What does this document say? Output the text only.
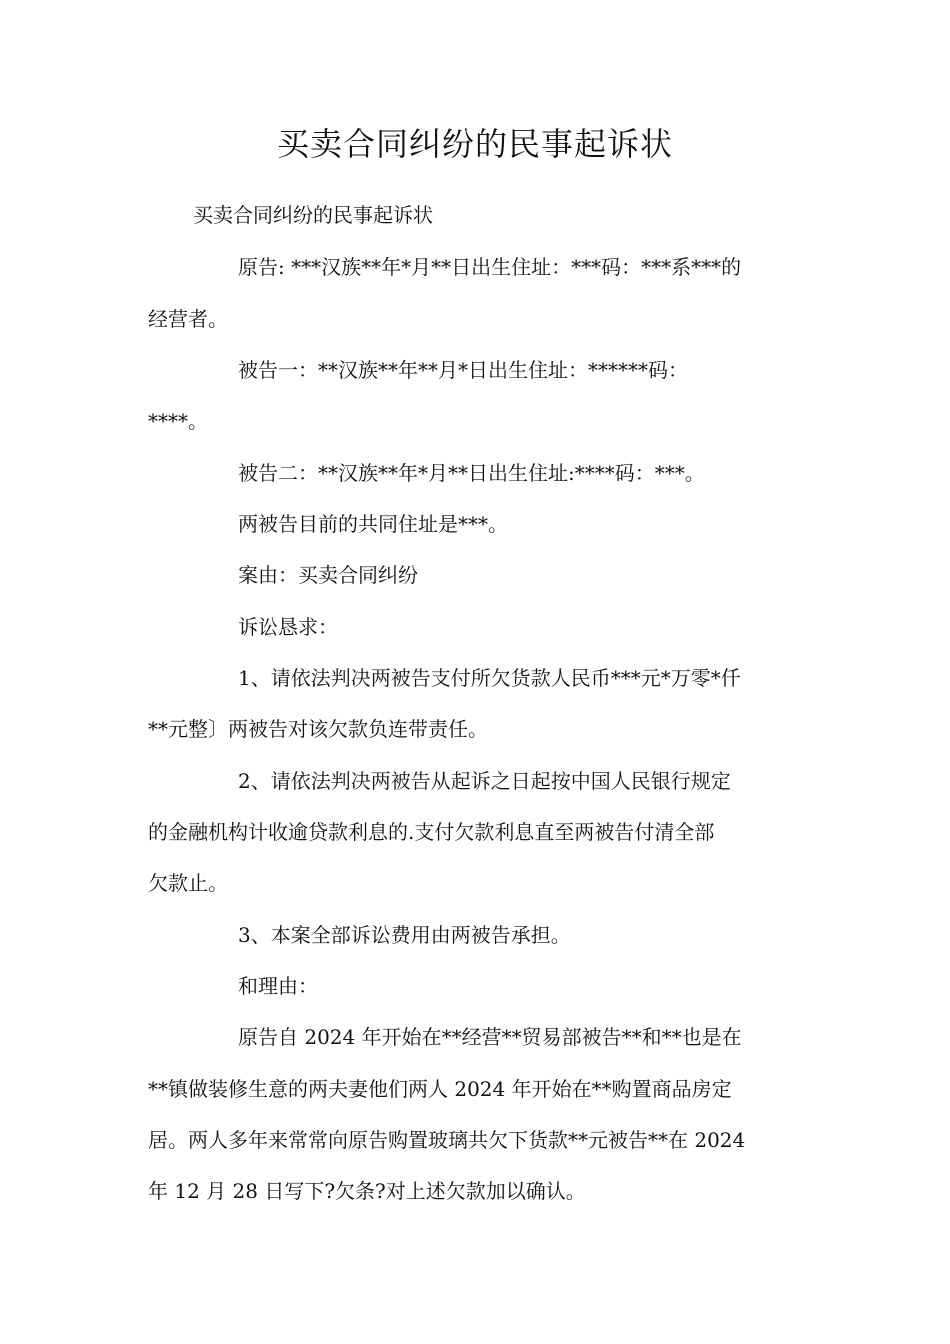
买卖合同纠纷的民事起诉状

买卖合同纠纷的民事起诉状

原告: ***汉族**年*月**日出生住址：***码：***系***的

经营者。

被告一：**汉族**年**月*日出生住址：******码：

****。

被告二：**汉族**年*月**日出生住址:****码：***。

两被告目前的共同住址是***。

案由：买卖合同纠纷

诉讼恳求：

1、请依法判决两被告支付所欠货款人民币***元*万零*仟

**元整〕两被告对该欠款负连带责任。

2、请依法判决两被告从起诉之日起按中国人民银行规定

的金融机构计收逾贷款利息的.支付欠款利息直至两被告付清全部

欠款止。

3、本案全部诉讼费用由两被告承担。

和理由：

原告自 2024 年开始在**经营**贸易部被告**和**也是在

**镇做装修生意的两夫妻他们两人 2024 年开始在**购置商品房定

居。两人多年来常常向原告购置玻璃共欠下货款**元被告**在 2024

年 12 月 28 日写下?欠条?对上述欠款加以确认。
